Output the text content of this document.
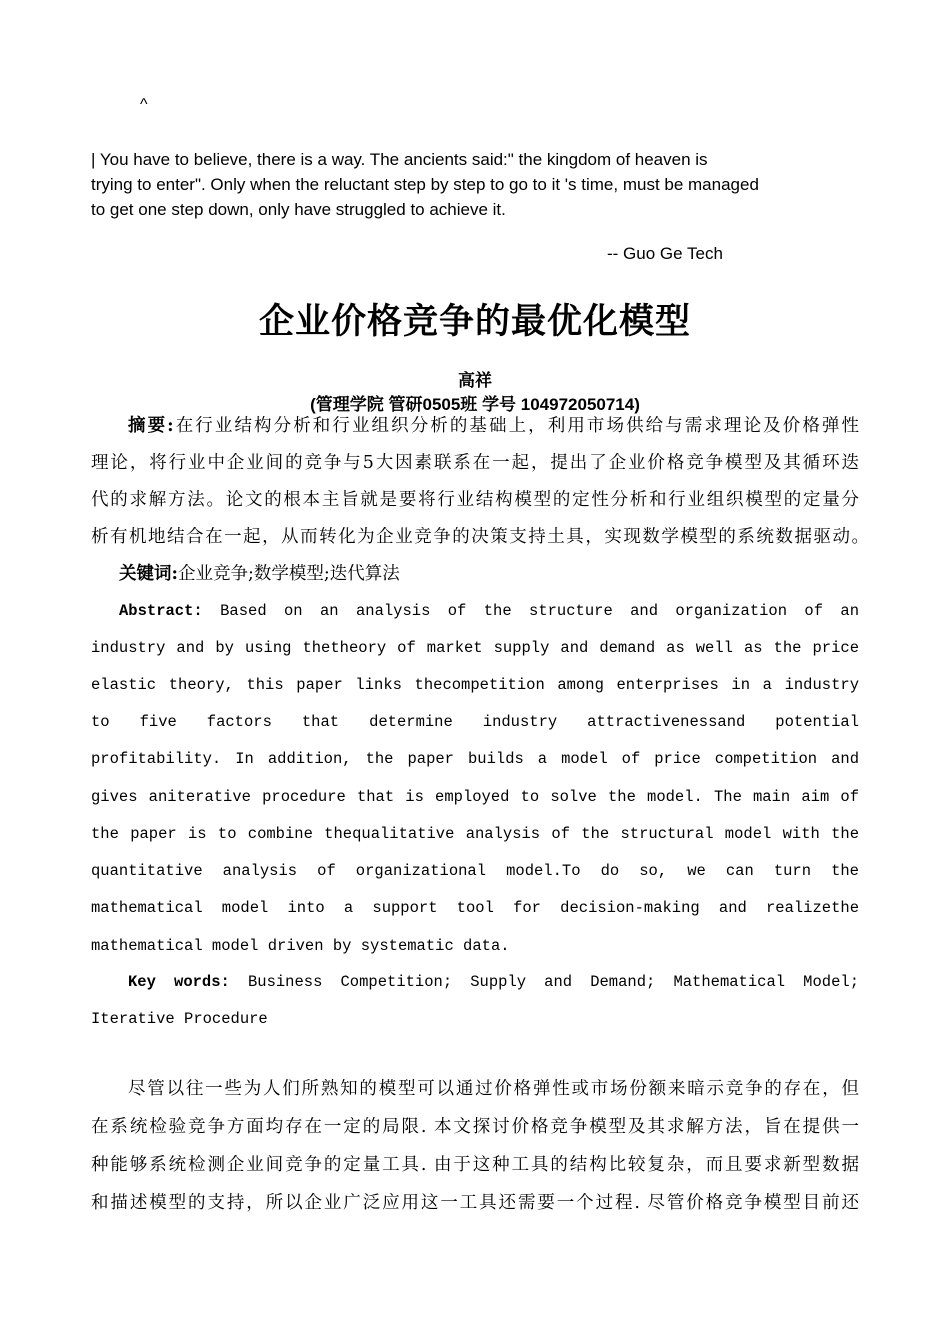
^
| You have to believe, there is a way. The ancients said:" the kingdom of heaven is
trying to enter". Only when the reluctant step by step to go to it 's time, must be managed
to get one step down, only have struggled to achieve it.
-- Guo Ge Tech
企业价格竞争的最优化模型
高祥
(管理学院 管研0505班 学号 104972050714)
摘要:在行业结构分析和行业组织分析的基础上，利用市场供给与需求理论及价格弹性
理论，将行业中企业间的竞争与5大因素联系在一起，提出了企业价格竞争模型及其循环迭
代的求解方法。论文的根本主旨就是要将行业结构模型的定性分析和行业组织模型的定量分
析有机地结合在一起，从而转化为企业竞争的决策支持土具，实现数学模型的系统数据驱动。
关键词:企业竞争;数学模型;迭代算法
Abstract: Based on an analysis of the structure and organization of an
industry and by using thetheory of market supply and demand as well as the price
elastic theory, this paper links thecompetition among enterprises in a industry
to five factors that determine industry attractivenessand potential
profitability. In addition, the paper builds a model of price competition and
gives aniterative procedure that is employed to solve the model. The main aim of
the paper is to combine thequalitative analysis of the structural model with the
quantitative analysis of organizational model.To do so, we can turn the
mathematical model into a support tool for decision-making and realizethe
mathematical model driven by systematic data.
Key words: Business Competition; Supply and Demand; Mathematical Model;
Iterative Procedure
尽管以往一些为人们所熟知的模型可以通过价格弹性或市场份额来暗示竞争的存在，但
在系统检验竞争方面均存在一定的局限. 本文探讨价格竞争模型及其求解方法，旨在提供一
种能够系统检测企业间竞争的定量工具. 由于这种工具的结构比较复杂，而且要求新型数据
和描述模型的支持，所以企业广泛应用这一工具还需要一个过程. 尽管价格竞争模型目前还
